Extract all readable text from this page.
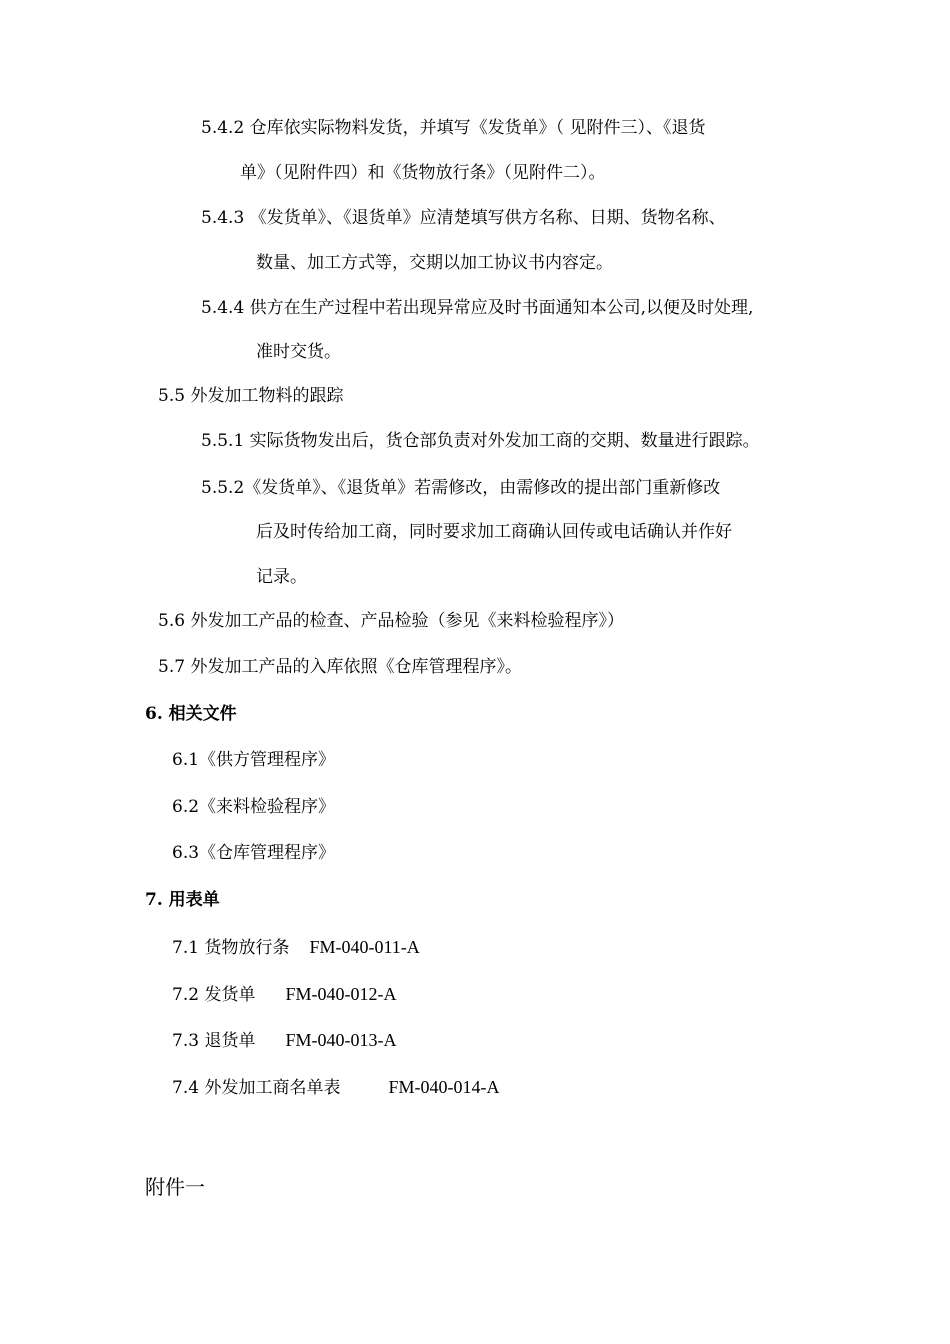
5.4.2 仓库依实际物料发货，并填写《发货单》（ 见附件三）、《退货
单》（见附件四）和《货物放行条》（见附件二）。
5.4.3 《发货单》、《退货单》应清楚填写供方名称、日期、货物名称、
数量、加工方式等，交期以加工协议书内容定。
5.4.4 供方在生产过程中若出现异常应及时书面通知本公司,以便及时处理,
准时交货。
5.5 外发加工物料的跟踪
5.5.1 实际货物发出后，货仓部负责对外发加工商的交期、数量进行跟踪。
5.5.2《发货单》、《退货单》若需修改，由需修改的提出部门重新修改
后及时传给加工商，同时要求加工商确认回传或电话确认并作好
记录。
5.6 外发加工产品的检查、产品检验（参见《来料检验程序》）
5.7 外发加工产品的入库依照《仓库管理程序》。
6. 相关文件
6.1《供方管理程序》
6.2《来料检验程序》
6.3《仓库管理程序》
7. 用表单
7.1 货物放行条 FM-040-011-A
7.2 发货单 FM-040-012-A
7.3 退货单 FM-040-013-A
7.4 外发加工商名单表	FM-040-014-A
附件一
